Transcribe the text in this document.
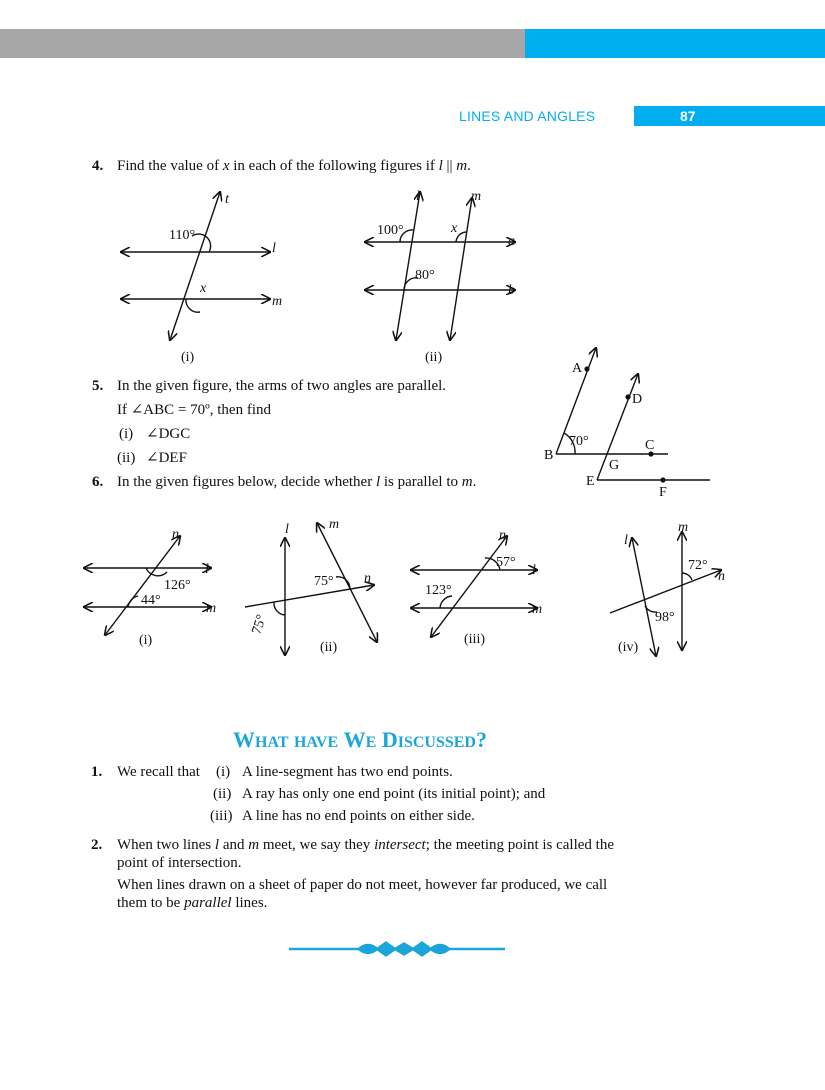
LINES AND ANGLES	87
4. Find the value of x in each of the following figures if l || m.
110°
t
l
m
x
(i)
l	m
100°	x
a
80°
b
(ii)
A
D
70°	C
B
G
E
F
n
l
126°
44°
m
(i)
l	m
75° n
75°
(ii)
n
57°
l
123°
m
(iii)
l
m
72°
n
98°
(iv)
5. In the given figure, the arms of two angles are parallel.
If ∠ABC = 70º, then find
(i) ∠DGC
(ii) ∠DEF
6. In the given figures below, decide whether l is parallel to m.
WHAT HAVE WE DISCUSSED?
1. We recall that (i) A line-segment has two end points.
(ii) A ray has only one end point (its initial point); and
(iii) A line has no end points on either side.
2. When two lines l and m meet, we say they intersect; the meeting point is called the
point of intersection.
When lines drawn on a sheet of paper do not meet, however far produced, we call
them to be parallel lines.
